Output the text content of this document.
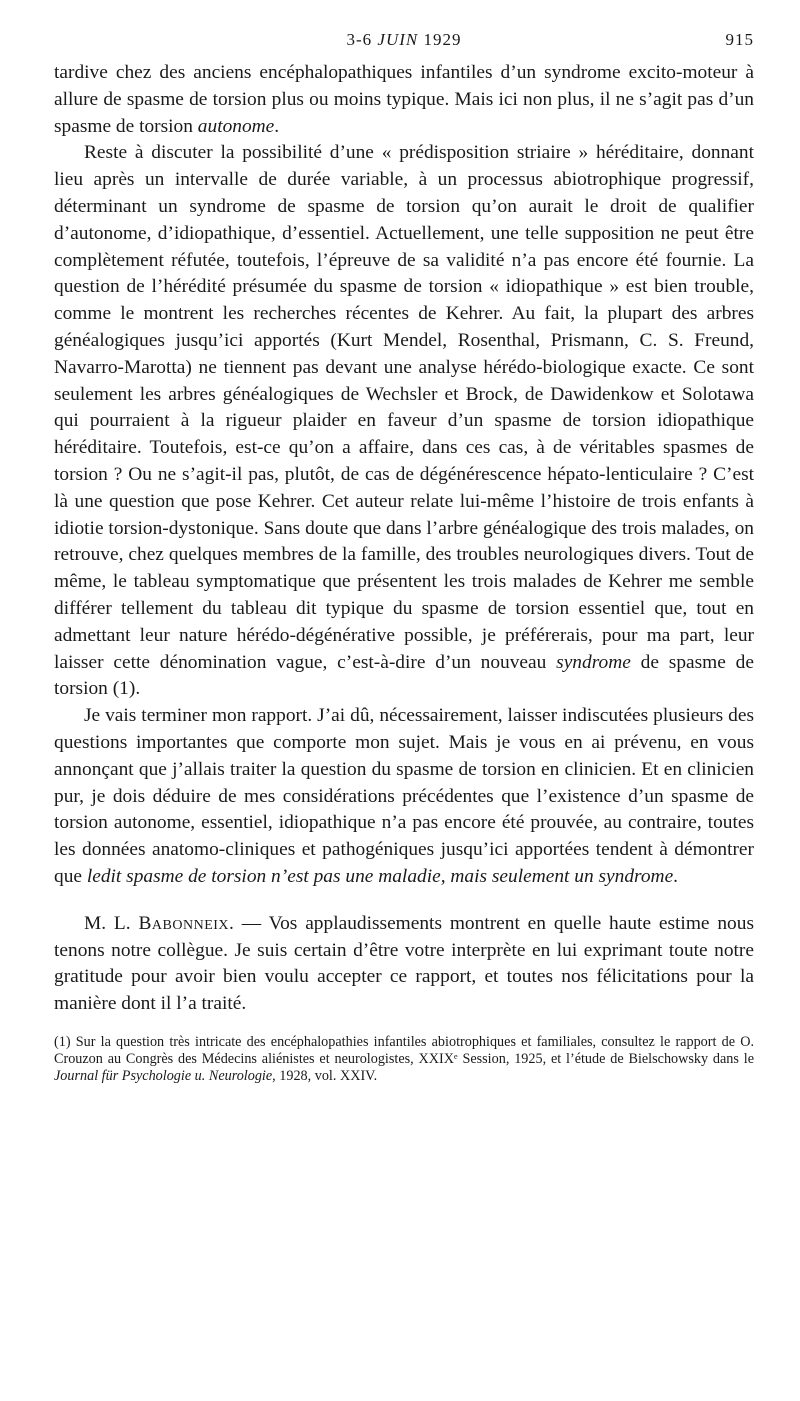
3-6 JUIN 1929	915

tardive chez des anciens encéphalopathiques infantiles d’un syndrome excito-moteur à allure de spasme de torsion plus ou moins typique. Mais ici non plus, il ne s’agit pas d’un spasme de torsion autonome.

Reste à discuter la possibilité d’une « prédisposition striaire » héréditaire, donnant lieu après un intervalle de durée variable, à un processus abiotrophique progressif, déterminant un syndrome de spasme de torsion qu’on aurait le droit de qualifier d’autonome, d’idiopathique, d’essentiel. Actuellement, une telle supposition ne peut être complètement réfutée, toutefois, l’épreuve de sa validité n’a pas encore été fournie. La question de l’hérédité présumée du spasme de torsion « idiopathique » est bien trouble, comme le montrent les recherches récentes de Kehrer. Au fait, la plupart des arbres généalogiques jusqu’ici apportés (Kurt Mendel, Rosenthal, Prismann, C. S. Freund, Navarro-Marotta) ne tiennent pas devant une analyse hérédo-biologique exacte. Ce sont seulement les arbres généalogiques de Wechsler et Brock, de Dawidenkow et Solotawa qui pourraient à la rigueur plaider en faveur d’un spasme de torsion idiopathique héréditaire. Toutefois, est-ce qu’on a affaire, dans ces cas, à de véritables spasmes de torsion ? Ou ne s’agit-il pas, plutôt, de cas de dégénérescence hépato-lenticulaire ? C’est là une question que pose Kehrer. Cet auteur relate lui-même l’histoire de trois enfants à idiotie torsion-dystonique. Sans doute que dans l’arbre généalogique des trois malades, on retrouve, chez quelques membres de la famille, des troubles neurologiques divers. Tout de même, le tableau symptomatique que présentent les trois malades de Kehrer me semble différer tellement du tableau dit typique du spasme de torsion essentiel que, tout en admettant leur nature hérédo-dégénérative possible, je préférerais, pour ma part, leur laisser cette dénomination vague, c’est-à-dire d’un nouveau syndrome de spasme de torsion (1).

Je vais terminer mon rapport. J’ai dû, nécessairement, laisser indiscutées plusieurs des questions importantes que comporte mon sujet. Mais je vous en ai prévenu, en vous annonçant que j’allais traiter la question du spasme de torsion en clinicien. Et en clinicien pur, je dois déduire de mes considérations précédentes que l’existence d’un spasme de torsion autonome, essentiel, idiopathique n’a pas encore été prouvée, au contraire, toutes les données anatomo-cliniques et pathogéniques jusqu’ici apportées tendent à démontrer que ledit spasme de torsion n’est pas une maladie, mais seulement un syndrome.

M. L. Babonneix. — Vos applaudissements montrent en quelle haute estime nous tenons notre collègue. Je suis certain d’être votre interprète en lui exprimant toute notre gratitude pour avoir bien voulu accepter ce rapport, et toutes nos félicitations pour la manière dont il l’a traité.

(1) Sur la question très intricate des encéphalopathies infantiles abiotrophiques et familiales, consultez le rapport de O. Crouzon au Congrès des Médecins aliénistes et neurologistes, XXIXᵉ Session, 1925, et l’étude de Bielschowsky dans le Journal für Psychologie u. Neurologie, 1928, vol. XXIV.
